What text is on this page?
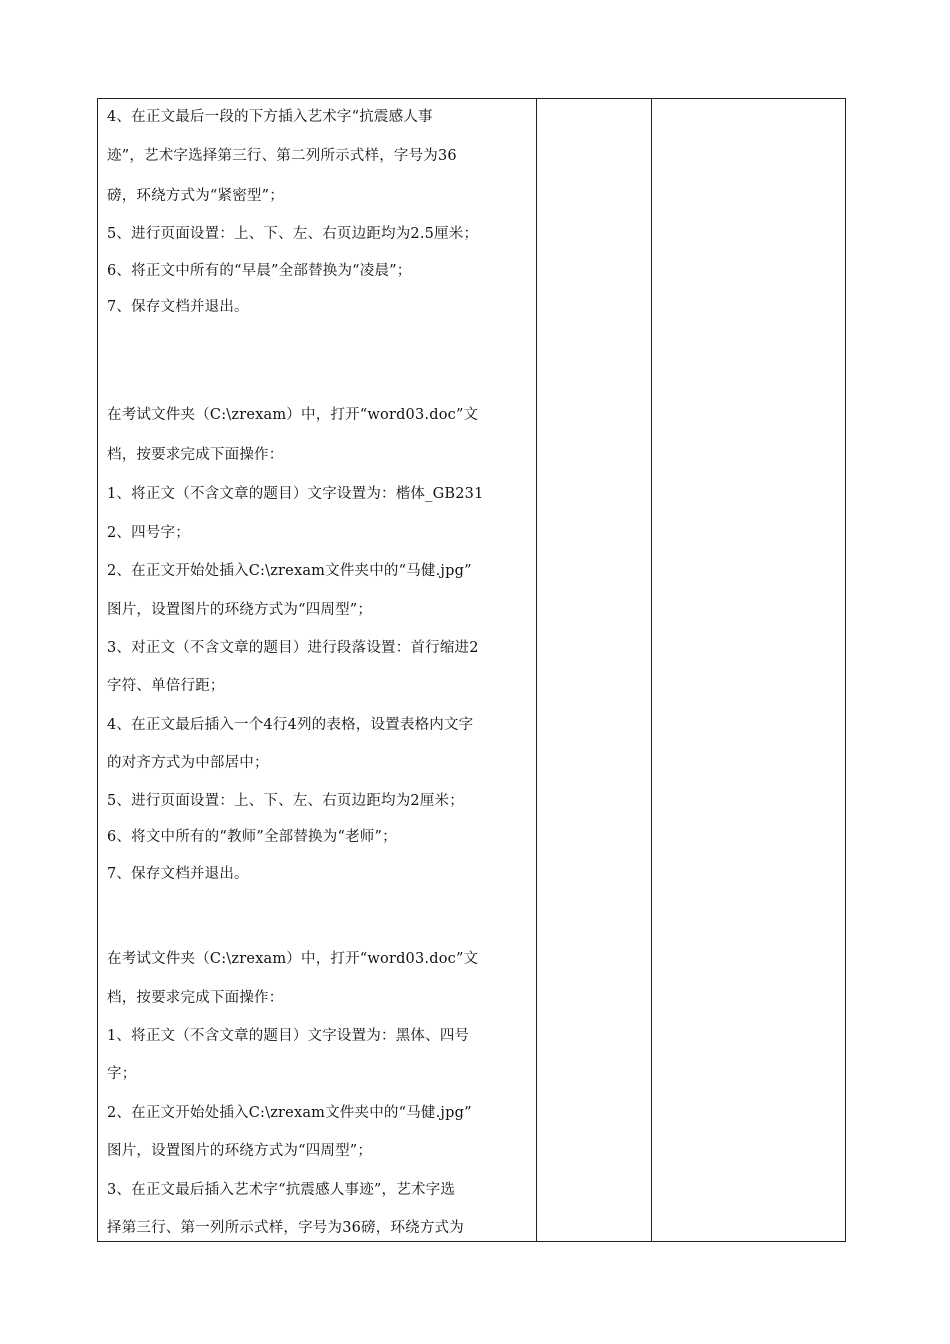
4、在正文最后一段的下方插入艺术字“抗震感人事
迹”，艺术字选择第三行、第二列所示式样，字号为36
磅，环绕方式为“紧密型”；
5、进行页面设置：上、下、左、右页边距均为2.5厘米；
6、将正文中所有的“早晨”全部替换为“凌晨”；
7、保存文档并退出。
在考试文件夹（C:\zrexam）中，打开“word03.doc”文
档，按要求完成下面操作：
1、将正文（不含文章的题目）文字设置为：楷体_GB231
2、四号字；
2、在正文开始处插入C:\zrexam文件夹中的“马健.jpg”
图片，设置图片的环绕方式为“四周型”；
3、对正文（不含文章的题目）进行段落设置：首行缩进2
字符、单倍行距；
4、在正文最后插入一个4行4列的表格，设置表格内文字
的对齐方式为中部居中；
5、进行页面设置：上、下、左、右页边距均为2厘米；
6、将文中所有的“教师”全部替换为“老师”；
7、保存文档并退出。
在考试文件夹（C:\zrexam）中，打开“word03.doc”文
档，按要求完成下面操作：
1、将正文（不含文章的题目）文字设置为：黑体、四号
字；
2、在正文开始处插入C:\zrexam文件夹中的“马健.jpg”
图片，设置图片的环绕方式为“四周型”；
3、在正文最后插入艺术字“抗震感人事迹”，艺术字选
择第三行、第一列所示式样，字号为36磅，环绕方式为
